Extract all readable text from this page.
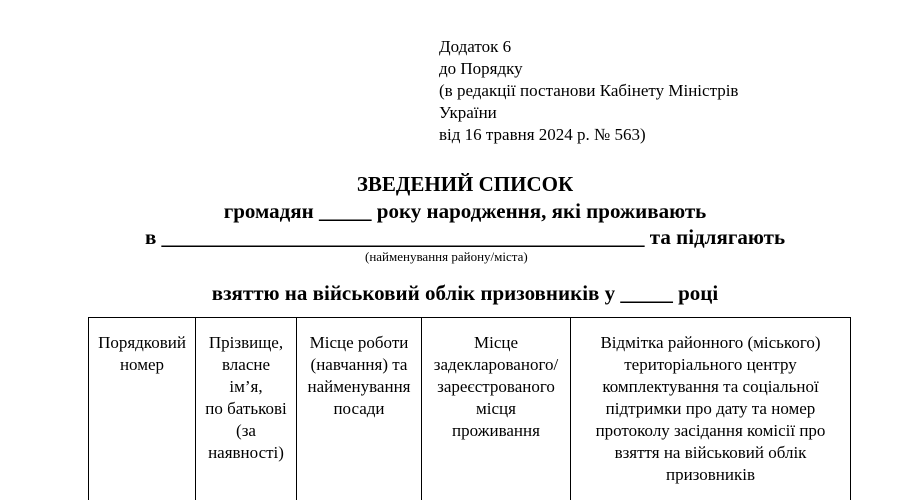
Додаток 6
до Порядку
(в редакції постанови Кабінету Міністрів
України
від 16 травня 2024 р. № 563)
ЗВЕДЕНИЙ СПИСОК
громадян _____ року народження, які проживають
в ______________________________________________ та підлягають
(найменування району/міста)
взяттю на військовий облік призовників у _____ році
Порядковий
номер	Прізвище,
власне
ім’я,
по батькові
(за
наявності)	Місце роботи
(навчання) та
найменування
посади	Місце
задекларованого/
зареєстрованого
місця
проживання	Відмітка районного (міського)
територіального центру
комплектування та соціальної
підтримки про дату та номер
протоколу засідання комісії про
взяття на військовий облік
призовників
